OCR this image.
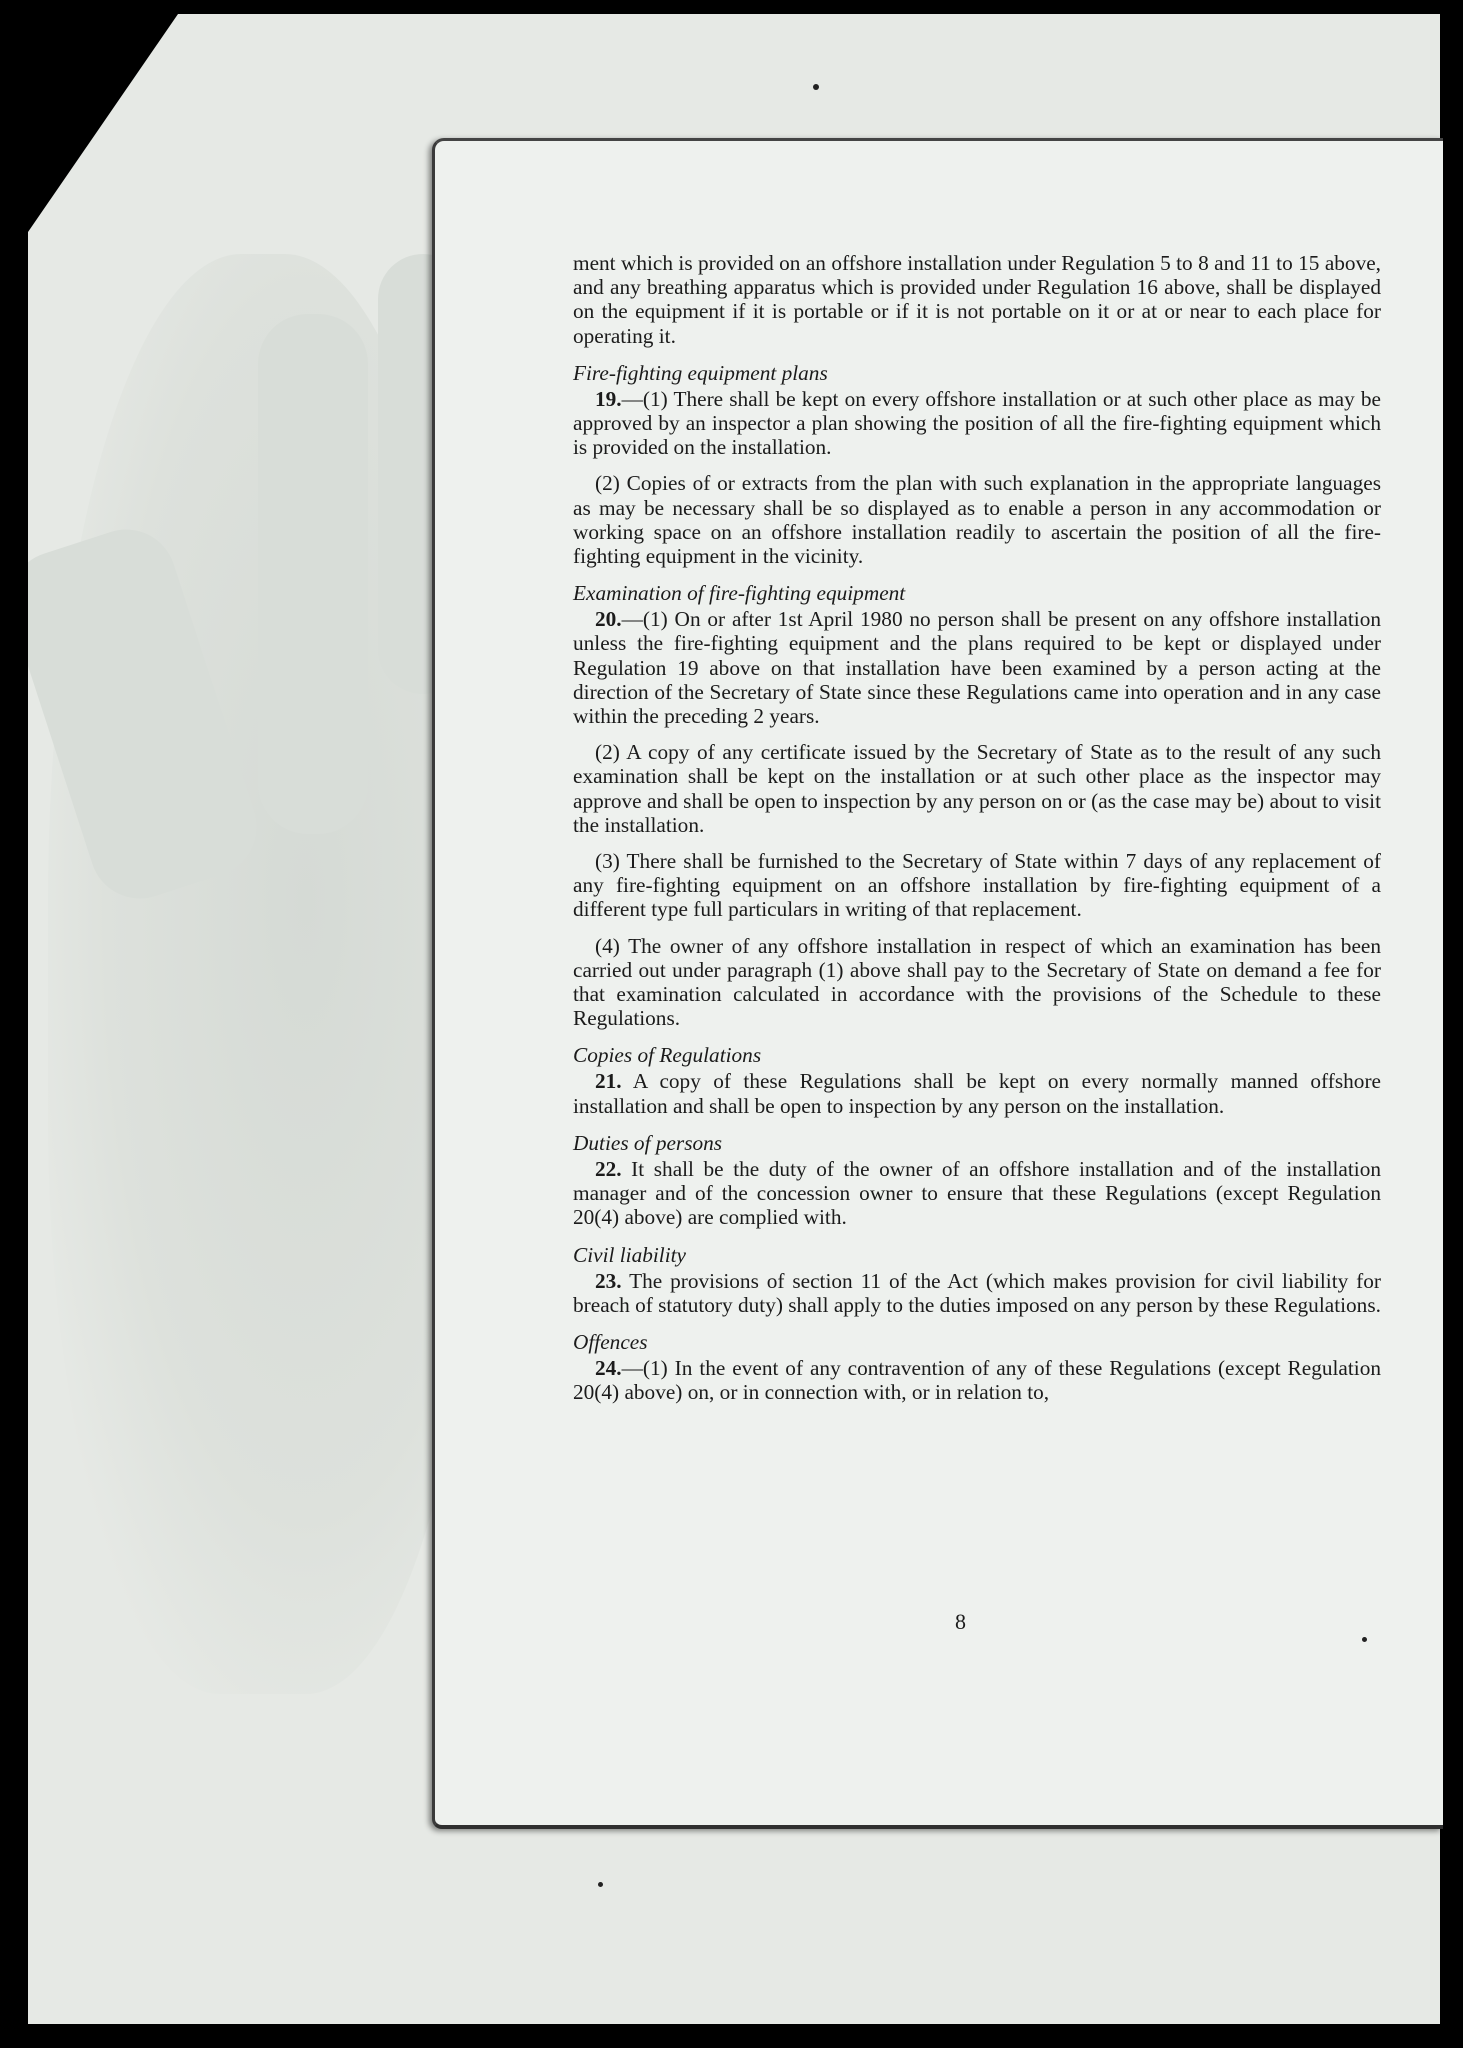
ment which is provided on an offshore installation under Regulation 5 to 8 and 11 to 15 above, and any breathing apparatus which is provided under Regulation 16 above, shall be displayed on the equipment if it is portable or if it is not portable on it or at or near to each place for operating it.

Fire-fighting equipment plans

19.—(1) There shall be kept on every offshore installation or at such other place as may be approved by an inspector a plan showing the position of all the fire-fighting equipment which is provided on the installation.

(2) Copies of or extracts from the plan with such explanation in the appropriate languages as may be necessary shall be so displayed as to enable a person in any accommodation or working space on an offshore installation readily to ascertain the position of all the fire-fighting equipment in the vicinity.

Examination of fire-fighting equipment

20.—(1) On or after 1st April 1980 no person shall be present on any offshore installation unless the fire-fighting equipment and the plans required to be kept or displayed under Regulation 19 above on that installation have been examined by a person acting at the direction of the Secretary of State since these Regulations came into operation and in any case within the preceding 2 years.

(2) A copy of any certificate issued by the Secretary of State as to the result of any such examination shall be kept on the installation or at such other place as the inspector may approve and shall be open to inspection by any person on or (as the case may be) about to visit the installation.

(3) There shall be furnished to the Secretary of State within 7 days of any replacement of any fire-fighting equipment on an offshore installation by fire-fighting equipment of a different type full particulars in writing of that replacement.

(4) The owner of any offshore installation in respect of which an examination has been carried out under paragraph (1) above shall pay to the Secretary of State on demand a fee for that examination calculated in accordance with the provisions of the Schedule to these Regulations.

Copies of Regulations

21. A copy of these Regulations shall be kept on every normally manned offshore installation and shall be open to inspection by any person on the installation.

Duties of persons

22. It shall be the duty of the owner of an offshore installation and of the installation manager and of the concession owner to ensure that these Regulations (except Regulation 20(4) above) are complied with.

Civil liability

23. The provisions of section 11 of the Act (which makes provision for civil liability for breach of statutory duty) shall apply to the duties imposed on any person by these Regulations.

Offences

24.—(1) In the event of any contravention of any of these Regulations (except Regulation 20(4) above) on, or in connection with, or in relation to,

8
